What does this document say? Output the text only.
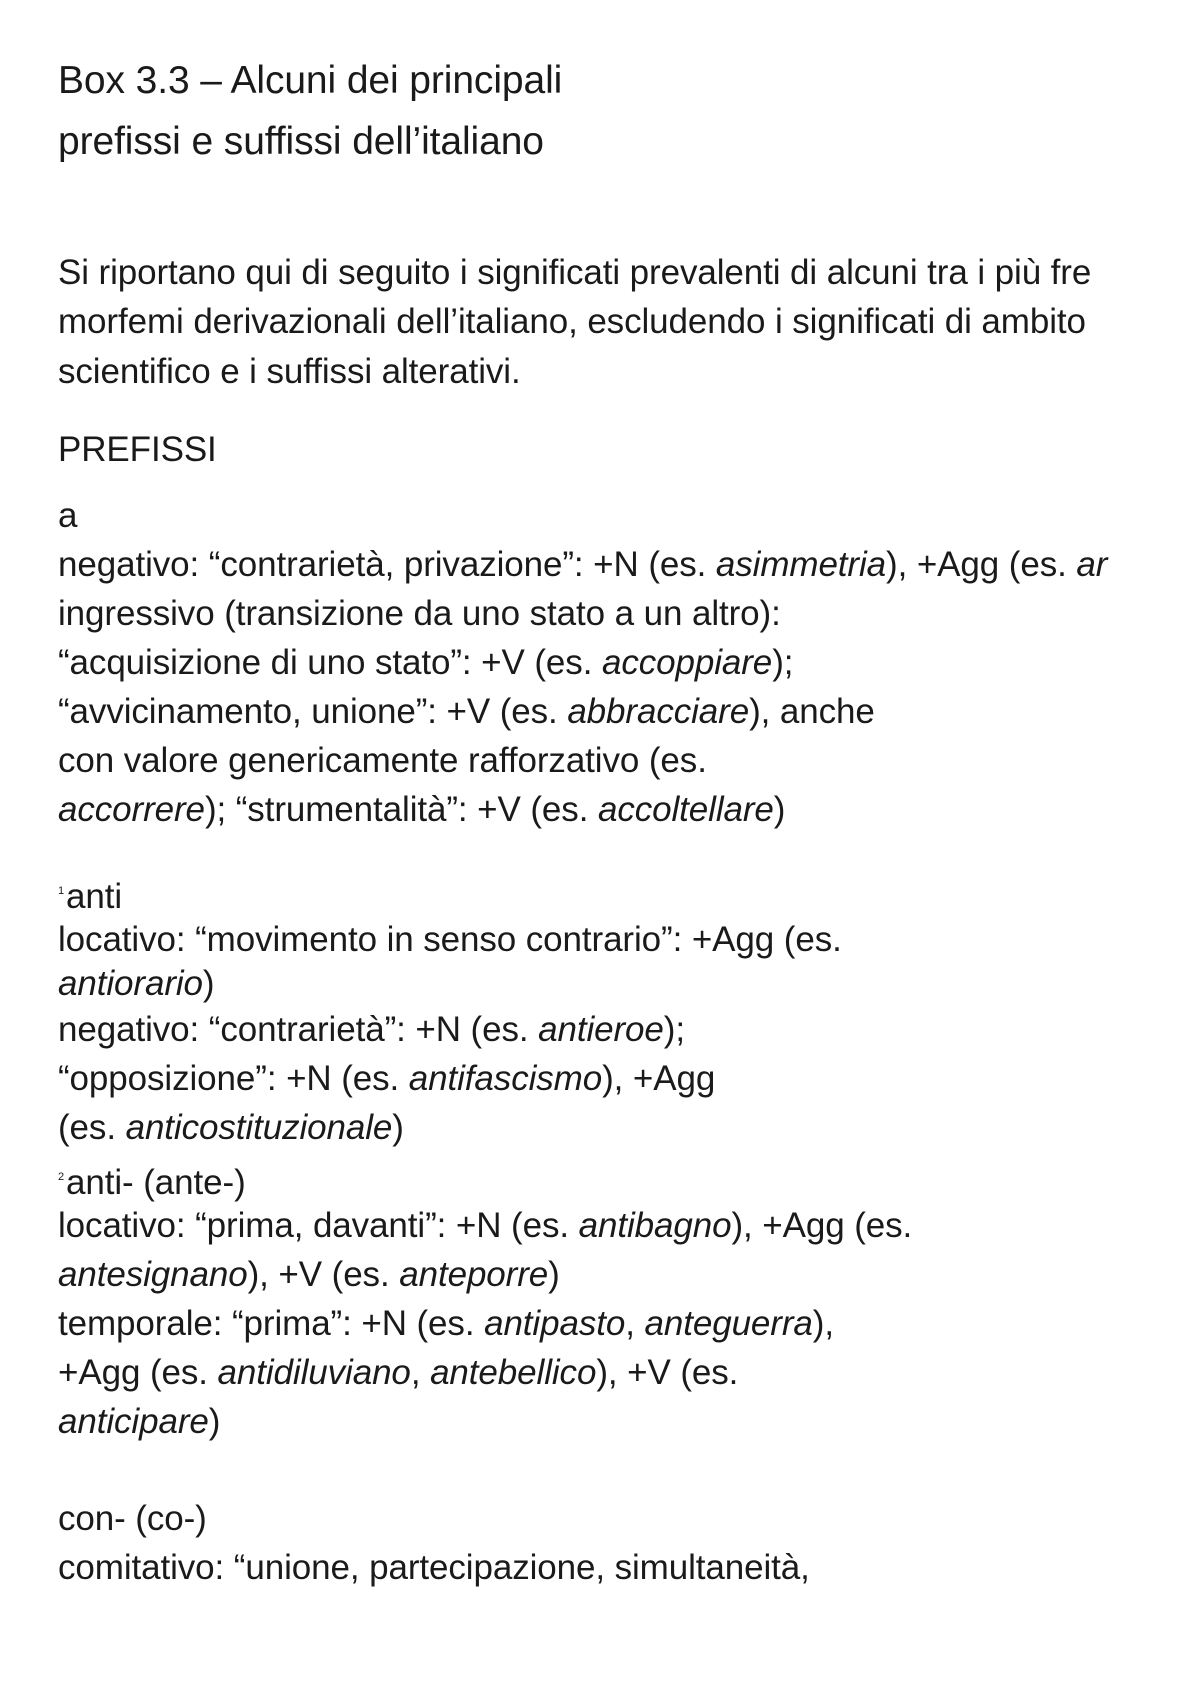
Box 3.3 – Alcuni dei principali

prefissi e suffissi dell’italiano

Si riportano qui di seguito i significati prevalenti di alcuni tra i più fre

morfemi derivazionali dell’italiano, escludendo i significati di ambito

scientifico e i suffissi alterativi.

PREFISSI

a

negativo: “contrarietà, privazione”: +N (es. asimmetria), +Agg (es. ar

ingressivo (transizione da uno stato a un altro):

“acquisizione di uno stato”: +V (es. accoppiare);

“avvicinamento, unione”: +V (es. abbracciare), anche

con valore genericamente rafforzativo (es.

accorrere); “strumentalità”: +V (es. accoltellare)

$^1$anti

locativo: “movimento in senso contrario”: +Agg (es.

antiorario)

negativo: “contrarietà”: +N (es. antieroe);

“opposizione”: +N (es. antifascismo), +Agg

(es. anticostituzionale)

$^2$anti- (ante-)

locativo: “prima, davanti”: +N (es. antibagno), +Agg (es.

antesignano), +V (es. anteporre)

temporale: “prima”: +N (es. antipasto, anteguerra),

+Agg (es. antidiluviano, antebellico), +V (es.

anticipare)

con- (co-)

comitativo: “unione, partecipazione, simultaneità,
